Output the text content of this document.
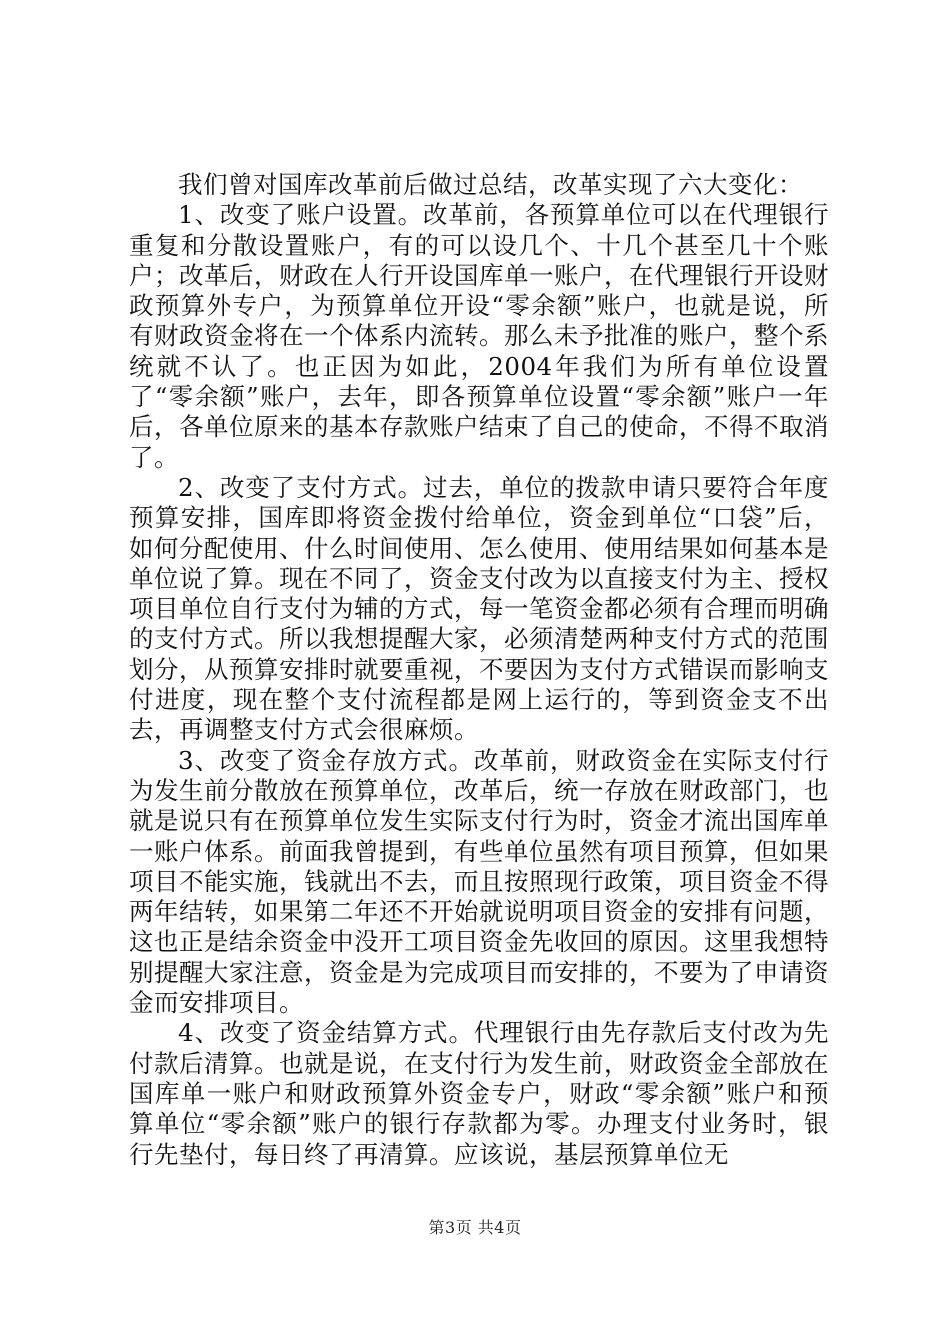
我们曾对国库改革前后做过总结，改革实现了六大变化：

1、改变了账户设置。改革前，各预算单位可以在代理银行重复和分散设置账户，有的可以设几个、十几个甚至几十个账户；改革后，财政在人行开设国库单一账户，在代理银行开设财政预算外专户，为预算单位开设“零余额”账户，也就是说，所有财政资金将在一个体系内流转。那么未予批准的账户，整个系统就不认了。也正因为如此，2004年我们为所有单位设置了“零余额”账户，去年，即各预算单位设置“零余额”账户一年后，各单位原来的基本存款账户结束了自己的使命，不得不取消了。

2、改变了支付方式。过去，单位的拨款申请只要符合年度预算安排，国库即将资金拨付给单位，资金到单位“口袋”后，如何分配使用、什么时间使用、怎么使用、使用结果如何基本是单位说了算。现在不同了，资金支付改为以直接支付为主、授权项目单位自行支付为辅的方式，每一笔资金都必须有合理而明确的支付方式。所以我想提醒大家，必须清楚两种支付方式的范围划分，从预算安排时就要重视，不要因为支付方式错误而影响支付进度，现在整个支付流程都是网上运行的，等到资金支不出去，再调整支付方式会很麻烦。

3、改变了资金存放方式。改革前，财政资金在实际支付行为发生前分散放在预算单位，改革后，统一存放在财政部门，也就是说只有在预算单位发生实际支付行为时，资金才流出国库单一账户体系。前面我曾提到，有些单位虽然有项目预算，但如果项目不能实施，钱就出不去，而且按照现行政策，项目资金不得两年结转，如果第二年还不开始就说明项目资金的安排有问题，这也正是结余资金中没开工项目资金先收回的原因。这里我想特别提醒大家注意，资金是为完成项目而安排的，不要为了申请资金而安排项目。

4、改变了资金结算方式。代理银行由先存款后支付改为先付款后清算。也就是说，在支付行为发生前，财政资金全部放在国库单一账户和财政预算外资金专户，财政“零余额”账户和预算单位“零余额”账户的银行存款都为零。办理支付业务时，银行先垫付，每日终了再清算。应该说，基层预算单位无

第3页 共4页
